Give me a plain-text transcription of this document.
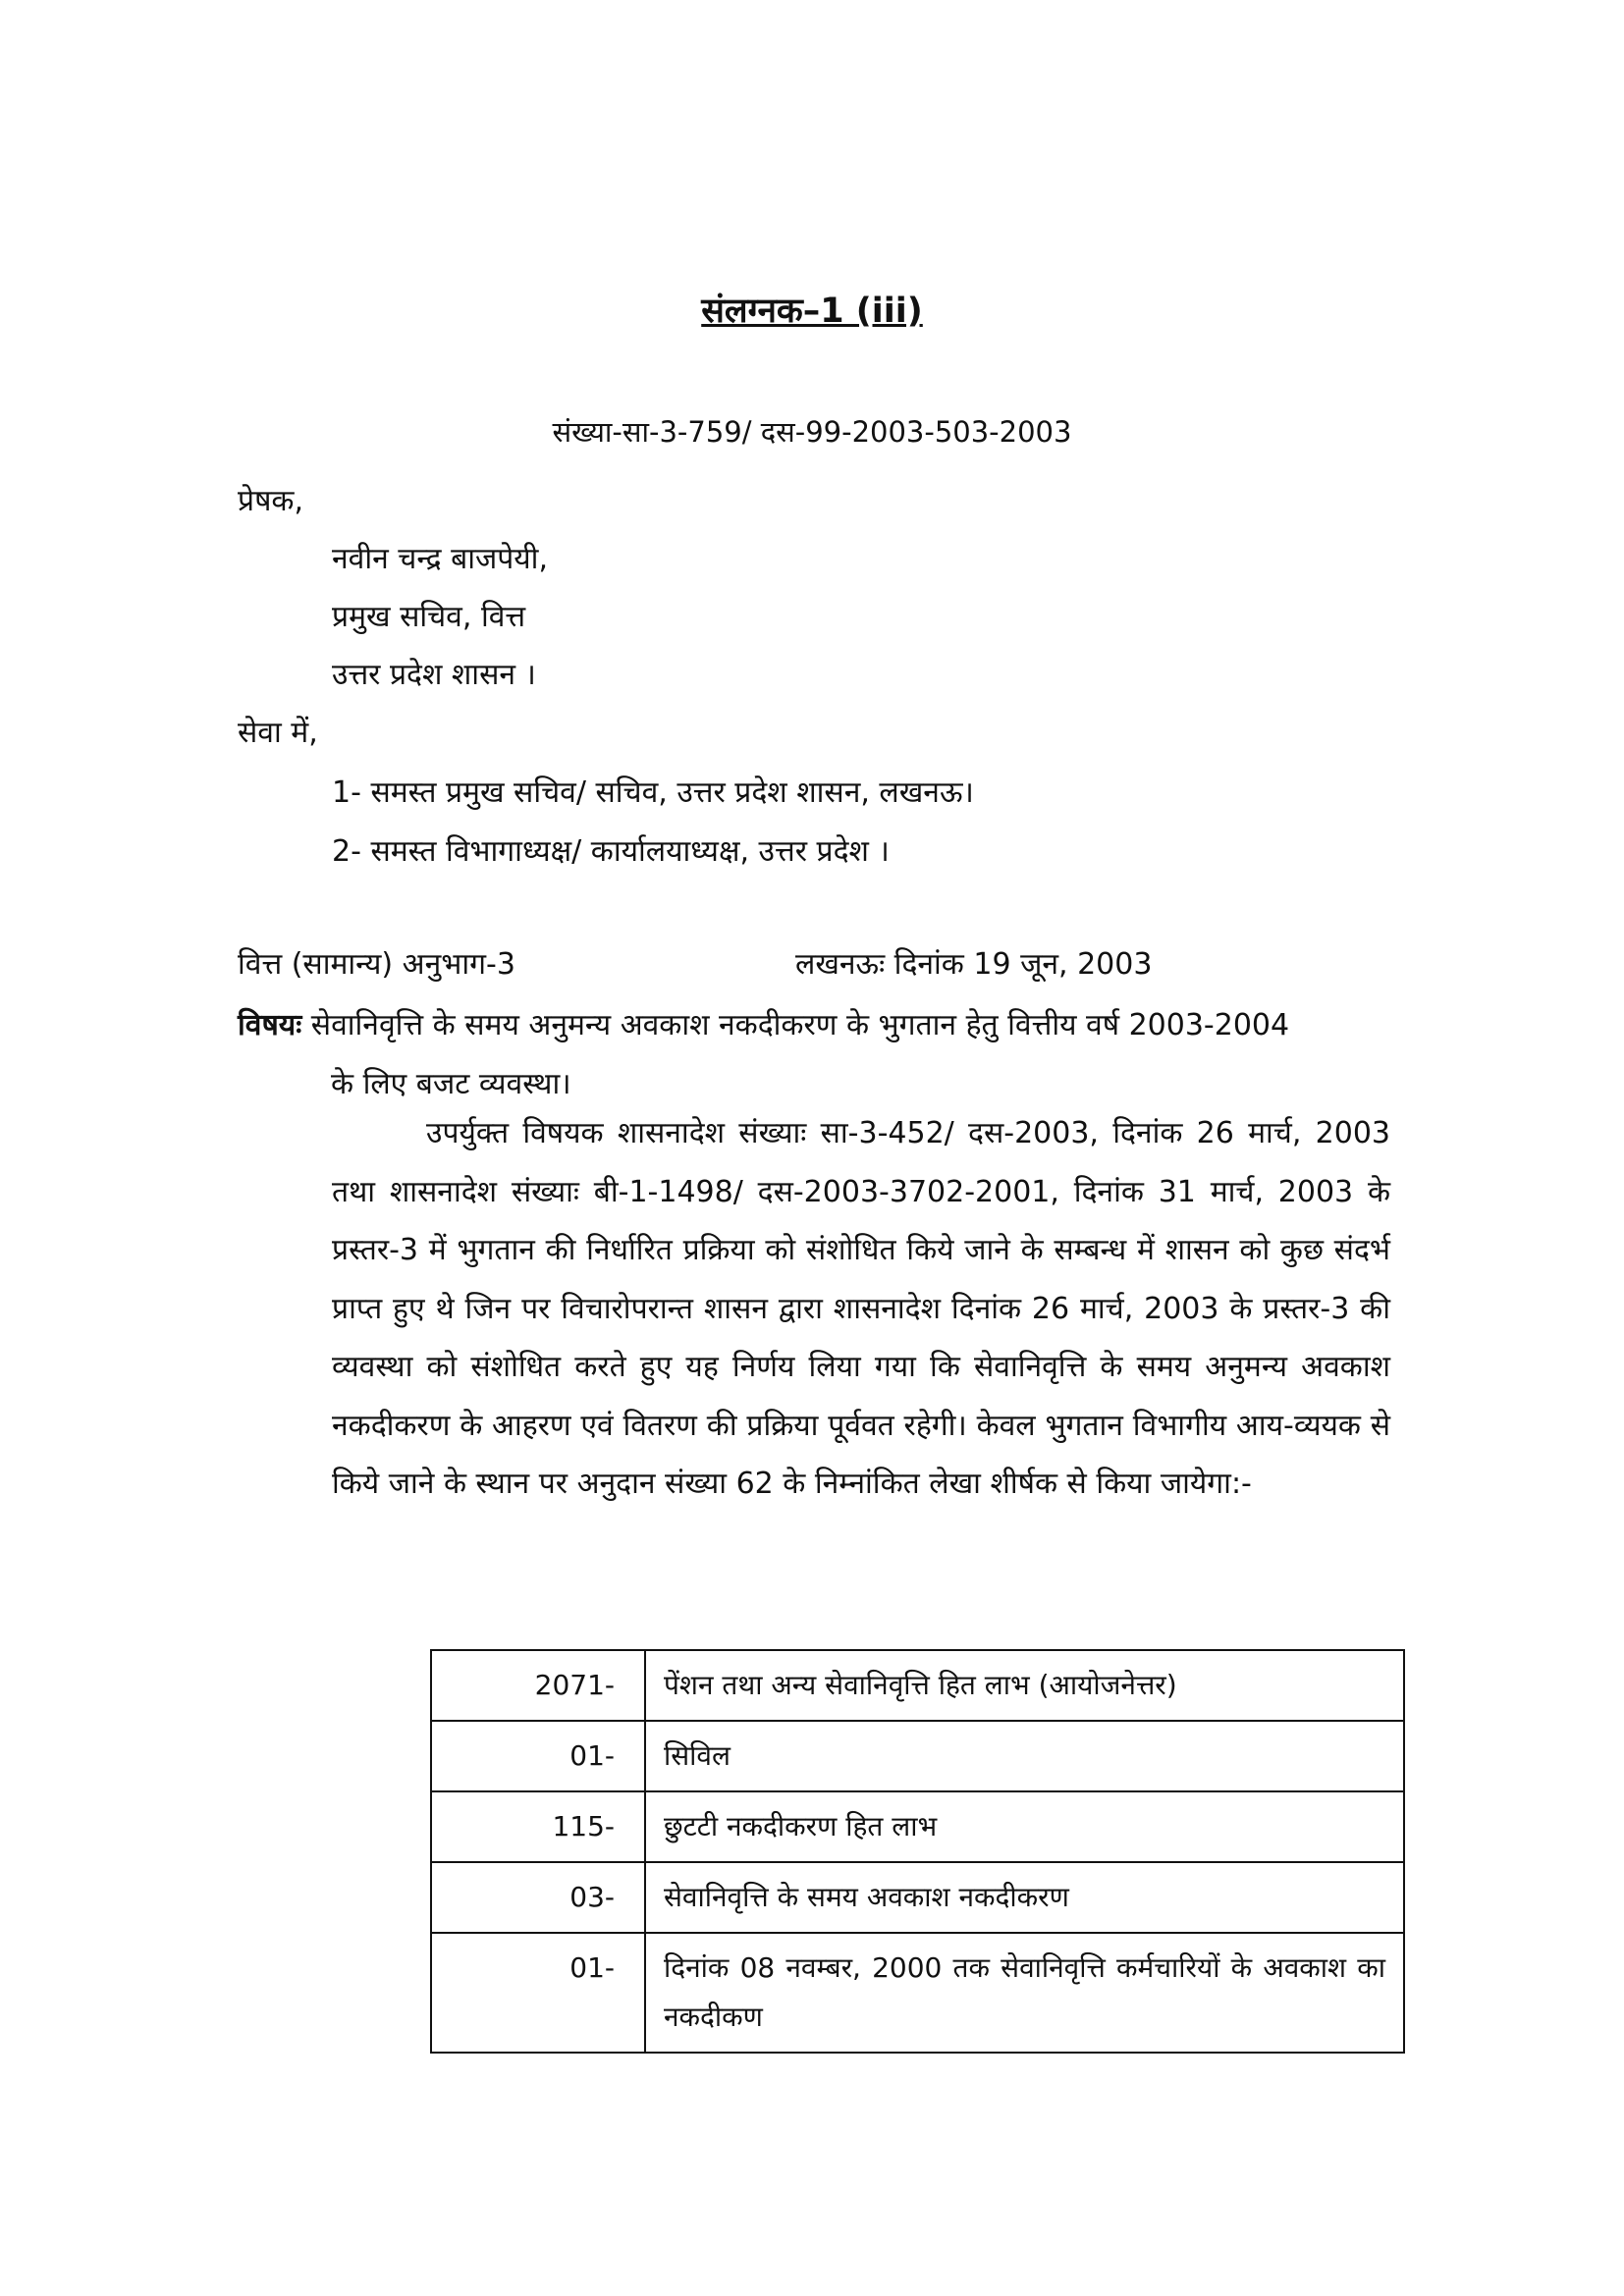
संलग्नक–1 (iii)
संख्या-सा-3-759/ दस-99-2003-503-2003
प्रेषक,
नवीन चन्द्र बाजपेयी,
प्रमुख सचिव, वित्त
उत्तर प्रदेश शासन ।
सेवा में,
1- समस्त प्रमुख सचिव/ सचिव, उत्तर प्रदेश शासन, लखनऊ।
2- समस्त विभागाध्यक्ष/ कार्यालयाध्यक्ष, उत्तर प्रदेश ।
वित्त (सामान्य) अनुभाग-3	लखनऊः दिनांक 19 जून, 2003
विषयः सेवानिवृत्ति के समय अनुमन्य अवकाश नकदीकरण के भुगतान हेतु वित्तीय वर्ष 2003-2004
के लिए बजट व्यवस्था।
उपर्युक्त विषयक शासनादेश संख्याः सा-3-452/ दस-2003, दिनांक 26 मार्च, 2003 तथा शासनादेश संख्याः बी-1-1498/ दस-2003-3702-2001, दिनांक 31 मार्च, 2003 के प्रस्तर-3 में भुगतान की निर्धारित प्रक्रिया को संशोधित किये जाने के सम्बन्ध में शासन को कुछ संदर्भ प्राप्त हुए थे जिन पर विचारोपरान्त शासन द्वारा शासनादेश दिनांक 26 मार्च, 2003 के प्रस्तर-3 की व्यवस्था को संशोधित करते हुए यह निर्णय लिया गया कि सेवानिवृत्ति के समय अनुमन्य अवकाश नकदीकरण के आहरण एवं वितरण की प्रक्रिया पूर्ववत रहेगी। केवल भुगतान विभागीय आय-व्ययक से किये जाने के स्थान पर अनुदान संख्या 62 के निम्नांकित लेखा शीर्षक से किया जायेगा:-
2071-	पेंशन तथा अन्य सेवानिवृत्ति हित लाभ (आयोजनेत्तर)
01-	सिविल
115-	छुटटी नकदीकरण हित लाभ
03-	सेवानिवृत्ति के समय अवकाश नकदीकरण
01-	दिनांक 08 नवम्बर, 2000 तक सेवानिवृत्ति कर्मचारियों के अवकाश का नकदीकण
